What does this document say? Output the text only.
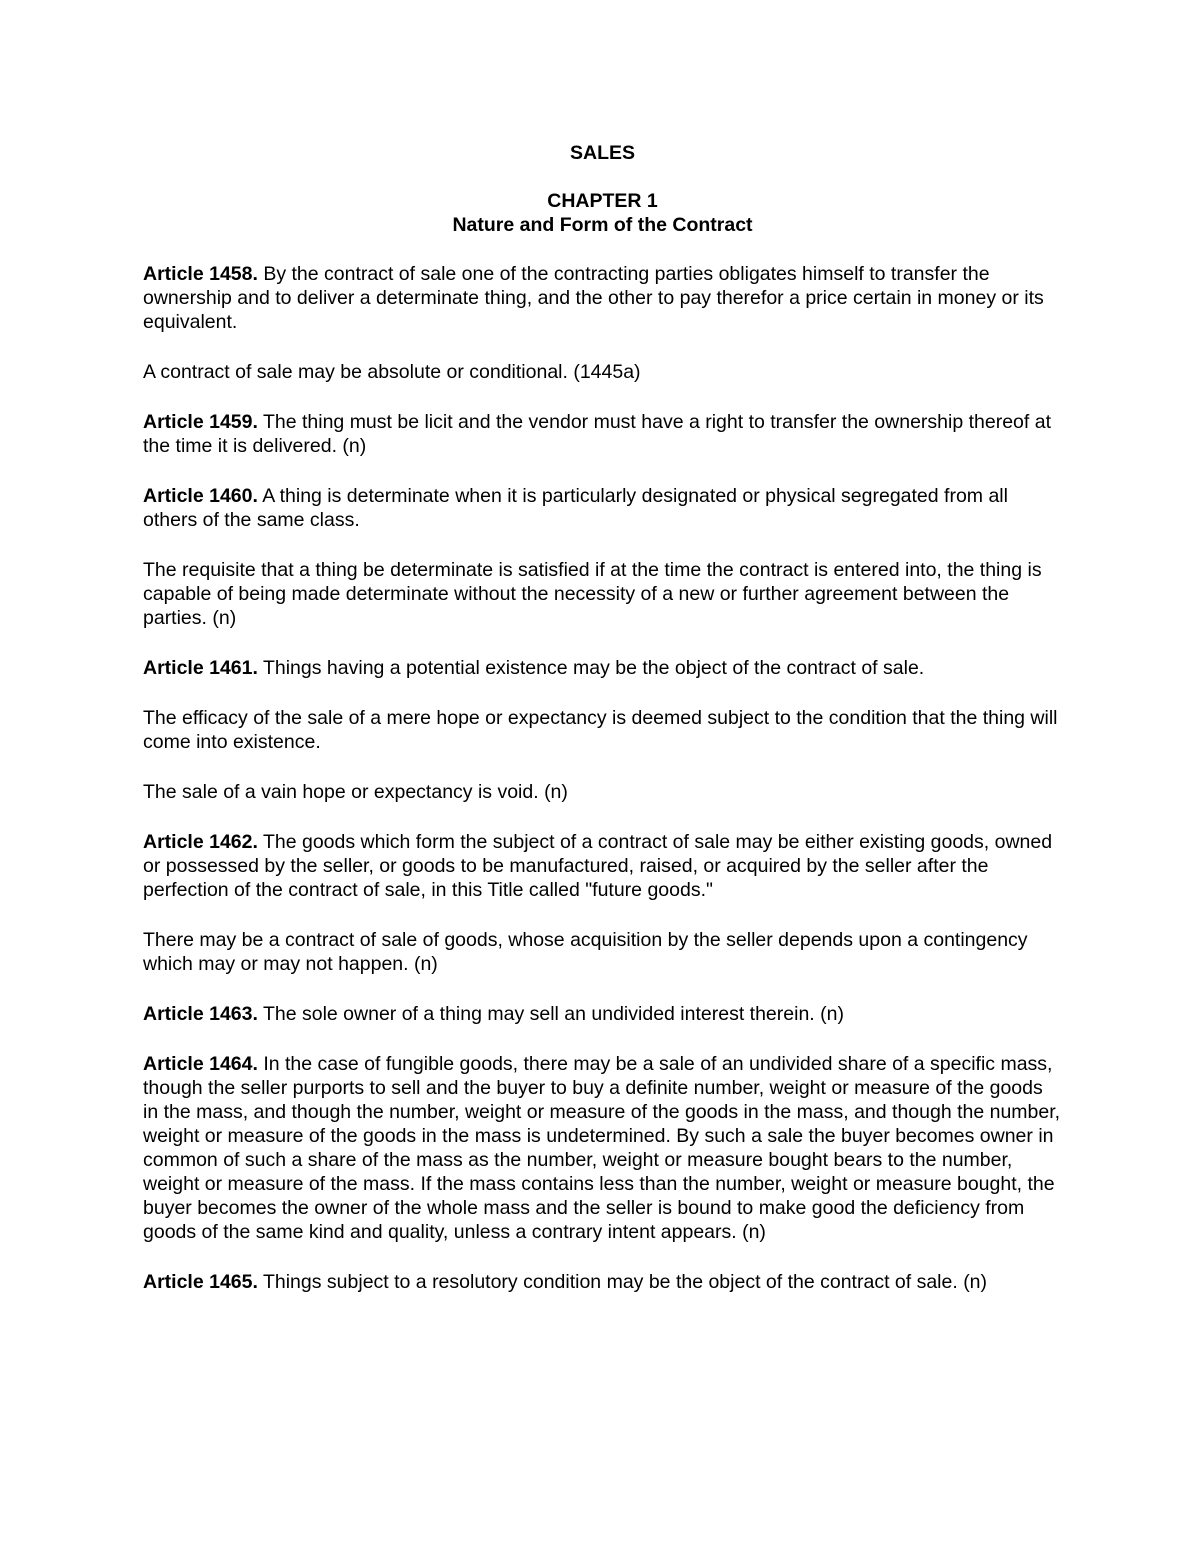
SALES
CHAPTER 1
Nature and Form of the Contract

Article 1458. By the contract of sale one of the contracting parties obligates himself to transfer the ownership and to deliver a determinate thing, and the other to pay therefor a price certain in money or its equivalent.

A contract of sale may be absolute or conditional. (1445a)

Article 1459. The thing must be licit and the vendor must have a right to transfer the ownership thereof at the time it is delivered. (n)

Article 1460. A thing is determinate when it is particularly designated or physical segregated from all others of the same class.

The requisite that a thing be determinate is satisfied if at the time the contract is entered into, the thing is capable of being made determinate without the necessity of a new or further agreement between the parties. (n)

Article 1461. Things having a potential existence may be the object of the contract of sale.

The efficacy of the sale of a mere hope or expectancy is deemed subject to the condition that the thing will come into existence.

The sale of a vain hope or expectancy is void. (n)

Article 1462. The goods which form the subject of a contract of sale may be either existing goods, owned or possessed by the seller, or goods to be manufactured, raised, or acquired by the seller after the perfection of the contract of sale, in this Title called "future goods."

There may be a contract of sale of goods, whose acquisition by the seller depends upon a contingency which may or may not happen. (n)

Article 1463. The sole owner of a thing may sell an undivided interest therein. (n)

Article 1464. In the case of fungible goods, there may be a sale of an undivided share of a specific mass, though the seller purports to sell and the buyer to buy a definite number, weight or measure of the goods in the mass, and though the number, weight or measure of the goods in the mass, and though the number, weight or measure of the goods in the mass is undetermined. By such a sale the buyer becomes owner in common of such a share of the mass as the number, weight or measure bought bears to the number, weight or measure of the mass. If the mass contains less than the number, weight or measure bought, the buyer becomes the owner of the whole mass and the seller is bound to make good the deficiency from goods of the same kind and quality, unless a contrary intent appears. (n)

Article 1465. Things subject to a resolutory condition may be the object of the contract of sale. (n)
